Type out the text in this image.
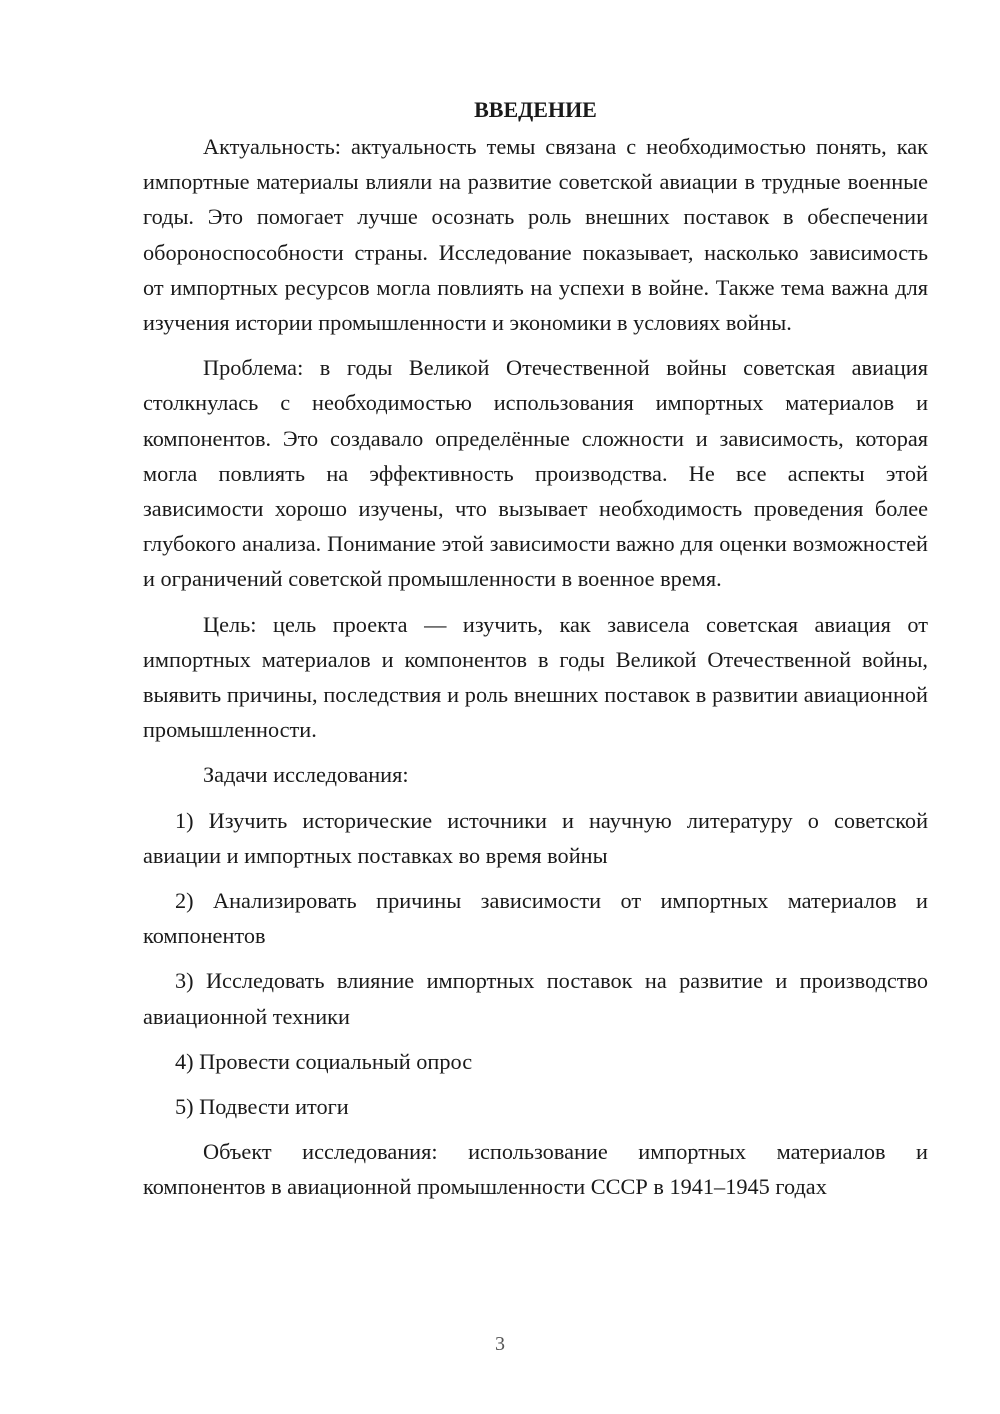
ВВЕДЕНИЕ

Актуальность: актуальность темы связана с необходимостью понять, как импортные материалы влияли на развитие советской авиации в трудные военные годы. Это помогает лучше осознать роль внешних поставок в обеспечении обороноспособности страны. Исследование показывает, насколько зависимость от импортных ресурсов могла повлиять на успехи в войне. Также тема важна для изучения истории промышленности и экономики в условиях войны.

Проблема: в годы Великой Отечественной войны советская авиация столкнулась с необходимостью использования импортных материалов и компонентов. Это создавало определённые сложности и зависимость, которая могла повлиять на эффективность производства. Не все аспекты этой зависимости хорошо изучены, что вызывает необходимость проведения более глубокого анализа. Понимание этой зависимости важно для оценки возможностей и ограничений советской промышленности в военное время.

Цель: цель проекта — изучить, как зависела советская авиация от импортных материалов и компонентов в годы Великой Отечественной войны, выявить причины, последствия и роль внешних поставок в развитии авиационной промышленности.

Задачи исследования:

1) Изучить исторические источники и научную литературу о советской авиации и импортных поставках во время войны

2) Анализировать причины зависимости от импортных материалов и компонентов

3) Исследовать влияние импортных поставок на развитие и производство авиационной техники

4) Провести социальный опрос

5) Подвести итоги

Объект исследования: использование импортных материалов и компонентов в авиационной промышленности СССР в 1941–1945 годах

3
